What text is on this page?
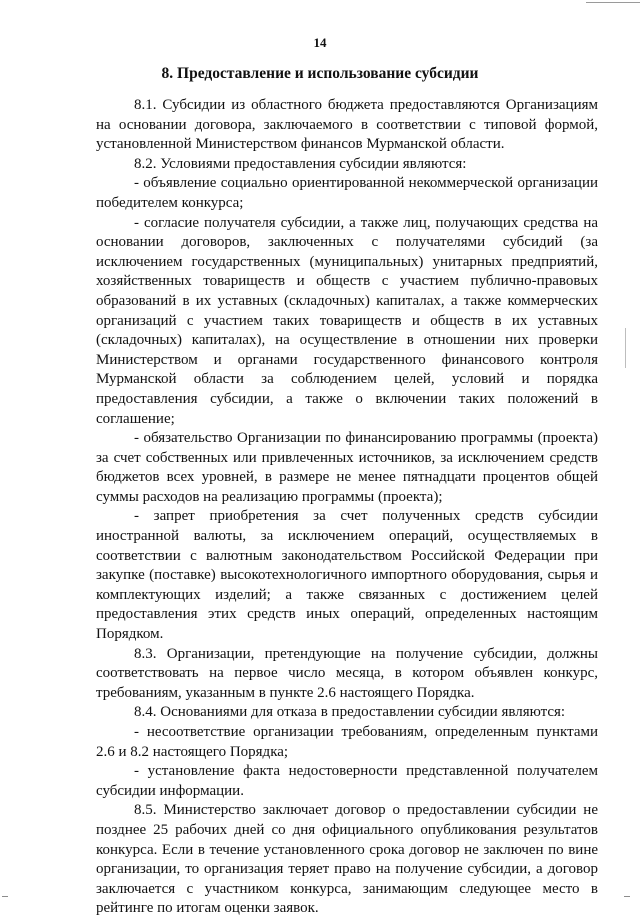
14
8. Предоставление и использование субсидии

8.1. Субсидии из областного бюджета предоставляются Организациям на основании договора, заключаемого в соответствии с типовой формой, установленной Министерством финансов Мурманской области.

8.2. Условиями предоставления субсидии являются:

- объявление социально ориентированной некоммерческой организации победителем конкурса;

- согласие получателя субсидии, а также лиц, получающих средства на основании договоров, заключенных с получателями субсидий (за исключением государственных (муниципальных) унитарных предприятий, хозяйственных товариществ и обществ с участием публично-правовых образований в их уставных (складочных) капиталах, а также коммерческих организаций с участием таких товариществ и обществ в их уставных (складочных) капиталах), на осуществление в отношении них проверки Министерством и органами государственного финансового контроля Мурманской области за соблюдением целей, условий и порядка предоставления субсидии, а также о включении таких положений в соглашение;

- обязательство Организации по финансированию программы (проекта) за счет собственных или привлеченных источников, за исключением средств бюджетов всех уровней, в размере не менее пятнадцати процентов общей суммы расходов на реализацию программы (проекта);

- запрет приобретения за счет полученных средств субсидии иностранной валюты, за исключением операций, осуществляемых в соответствии с валютным законодательством Российской Федерации при закупке (поставке) высокотехнологичного импортного оборудования, сырья и комплектующих изделий; а также связанных с достижением целей предоставления этих средств иных операций, определенных настоящим Порядком.

8.3. Организации, претендующие на получение субсидии, должны соответствовать на первое число месяца, в котором объявлен конкурс, требованиям, указанным в пункте 2.6 настоящего Порядка.

8.4. Основаниями для отказа в предоставлении субсидии являются:

- несоответствие организации требованиям, определенным пунктами 2.6 и 8.2 настоящего Порядка;

- установление факта недостоверности представленной получателем субсидии информации.

8.5. Министерство заключает договор о предоставлении субсидии не позднее 25 рабочих дней со дня официального опубликования результатов конкурса. Если в течение установленного срока договор не заключен по вине организации, то организация теряет право на получение субсидии, а договор заключается с участником конкурса, занимающим следующее место в рейтинге по итогам оценки заявок.
